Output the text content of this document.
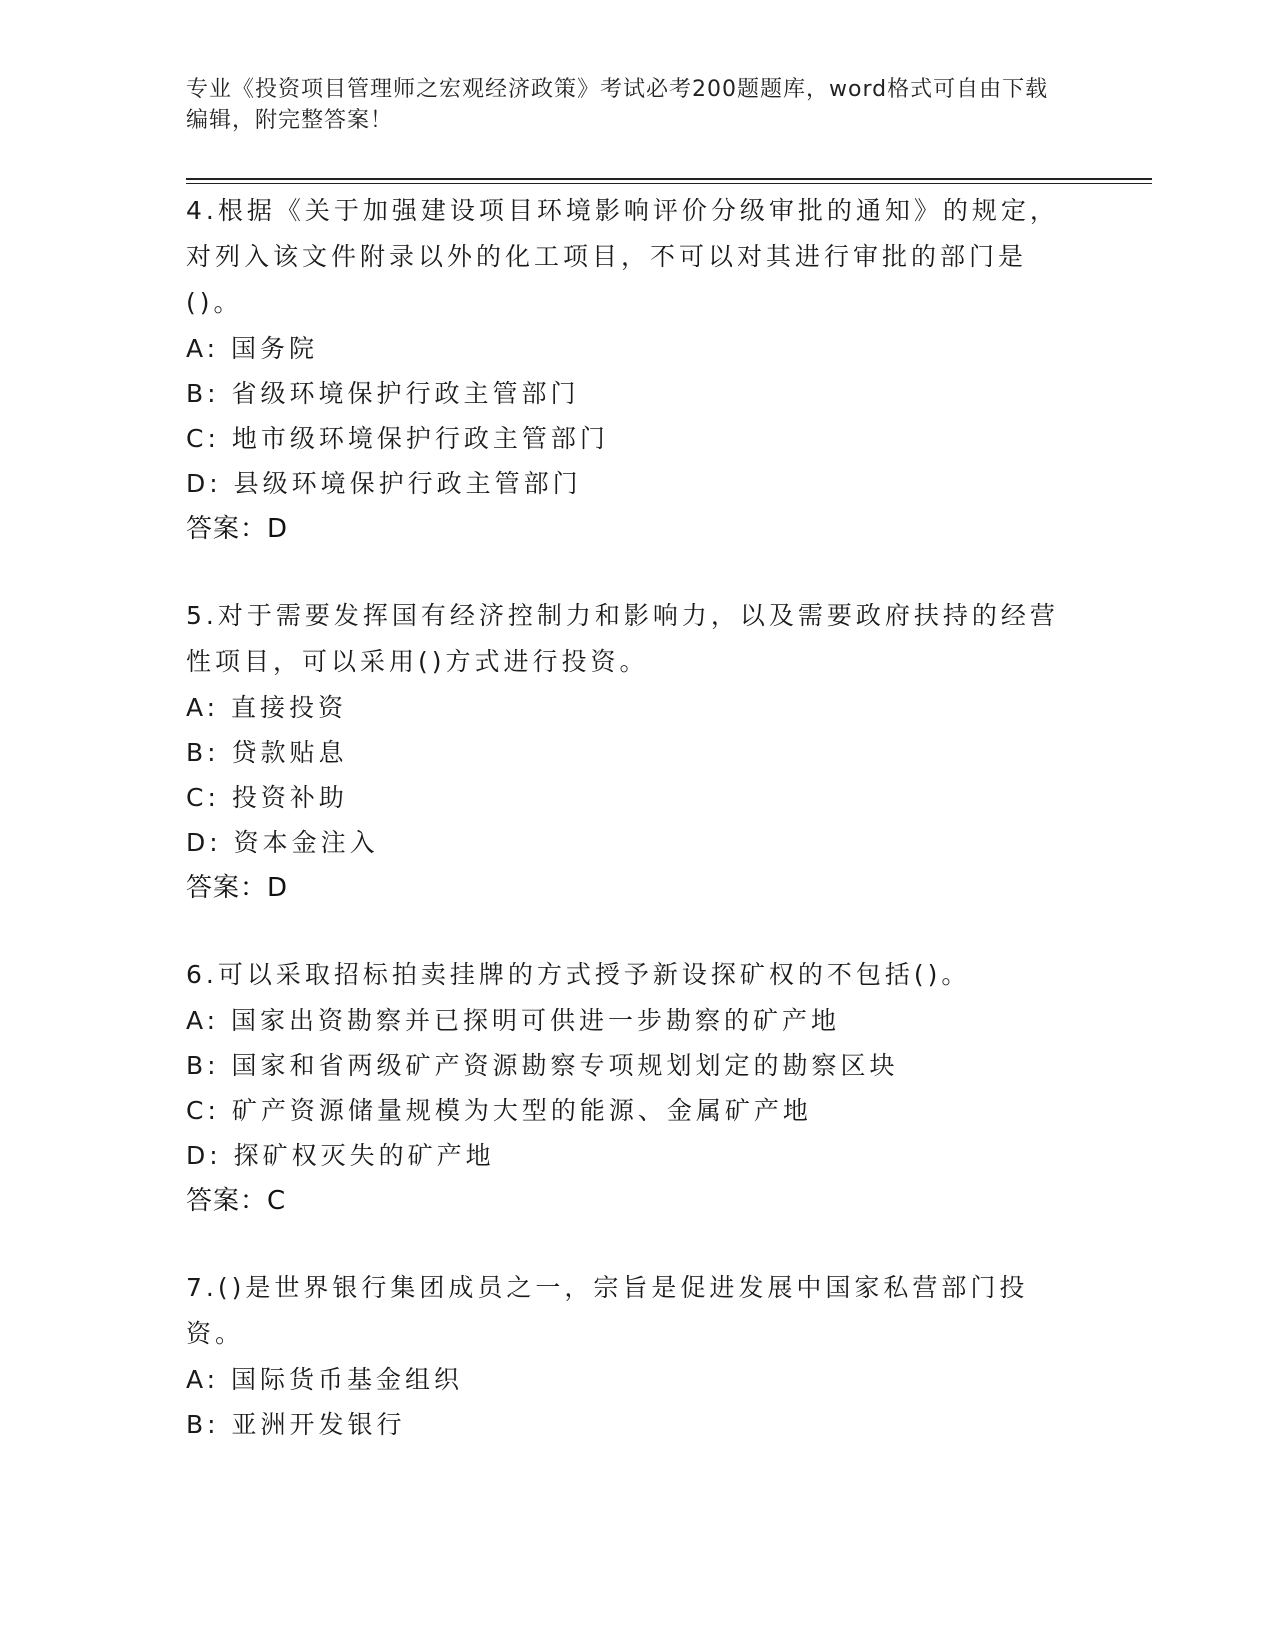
专业《投资项目管理师之宏观经济政策》考试必考200题题库，word格式可自由下载编辑，附完整答案！

4.根据《关于加强建设项目环境影响评价分级审批的通知》的规定，对列入该文件附录以外的化工项目，不可以对其进行审批的部门是()。

A: 国务院

B: 省级环境保护行政主管部门

C: 地市级环境保护行政主管部门

D: 县级环境保护行政主管部门

答案：D

5.对于需要发挥国有经济控制力和影响力，以及需要政府扶持的经营性项目，可以采用()方式进行投资。

A: 直接投资

B: 贷款贴息

C: 投资补助

D: 资本金注入

答案：D

6.可以采取招标拍卖挂牌的方式授予新设探矿权的不包括()。

A: 国家出资勘察并已探明可供进一步勘察的矿产地

B: 国家和省两级矿产资源勘察专项规划划定的勘察区块

C: 矿产资源储量规模为大型的能源、金属矿产地

D: 探矿权灭失的矿产地

答案：C

7.()是世界银行集团成员之一，宗旨是促进发展中国家私营部门投资。

A: 国际货币基金组织

B: 亚洲开发银行
